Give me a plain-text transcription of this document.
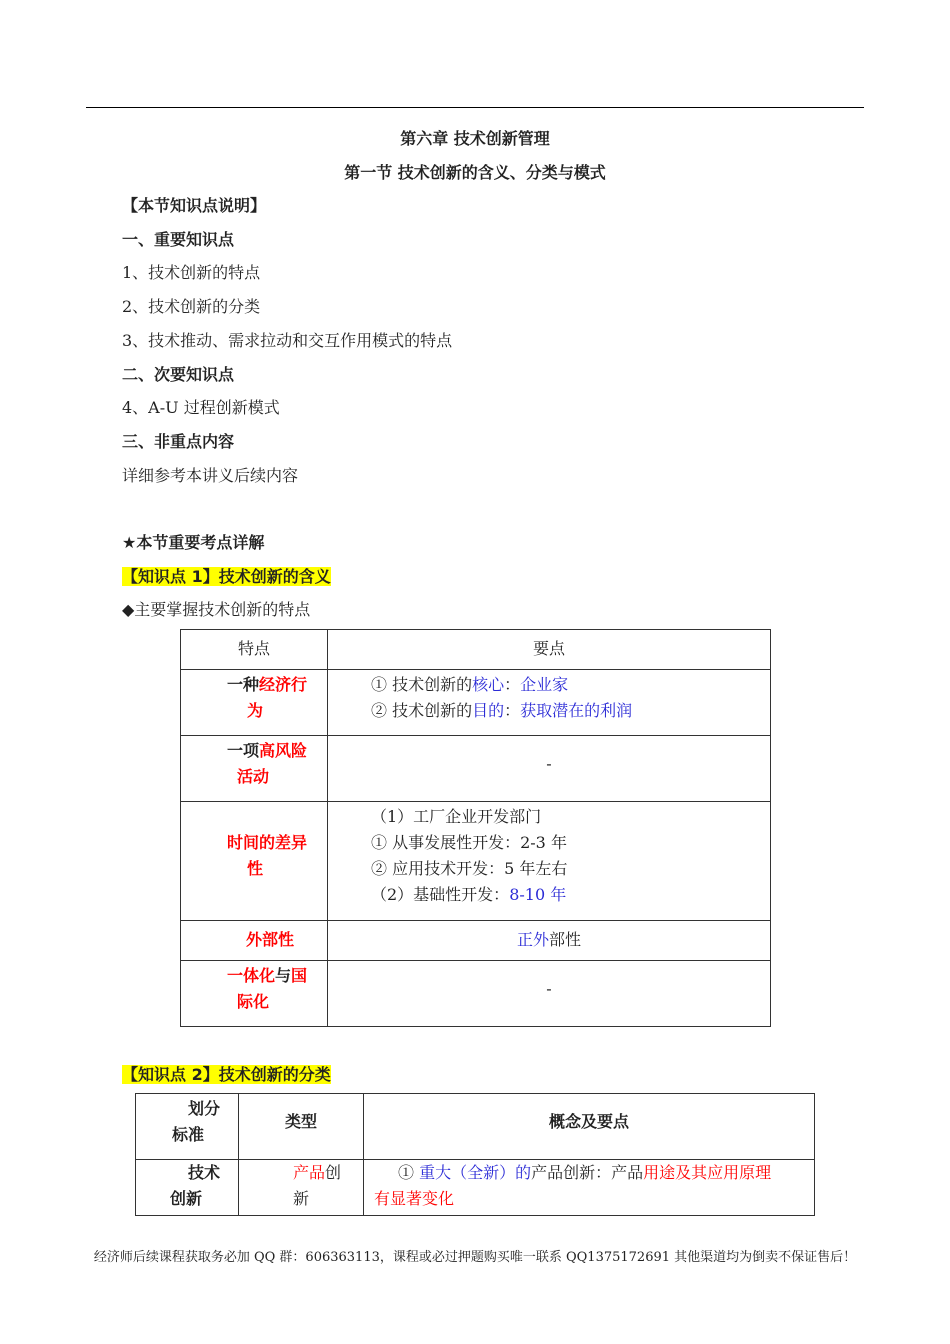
第六章 技术创新管理
第一节 技术创新的含义、分类与模式
【本节知识点说明】
一、重要知识点
1、技术创新的特点
2、技术创新的分类
3、技术推动、需求拉动和交互作用模式的特点
二、次要知识点
4、A-U 过程创新模式
三、非重点内容
详细参考本讲义后续内容
★本节重要考点详解
【知识点 1】技术创新的含义
◆主要掌握技术创新的特点
特点	要点

一种经济行
为	① 技术创新的核心：企业家
② 技术创新的目的：获取潜在的利润

一项高风险
活动	-

时间的差异
性	（1）工厂企业开发部门
① 从事发展性开发：2-3 年
② 应用技术开发：5 年左右
（2）基础性开发：8-10 年

外部性	正外部性

一体化与国
际化	-
【知识点 2】技术创新的分类
划分
标准	类型	概念及要点

技术
创新	产品创
新	① 重大（全新）的产品创新：产品用途及其应用原理
有显著变化
经济师后续课程获取务必加 QQ 群：606363113，课程或必过押题购买唯一联系 QQ1375172691 其他渠道均为倒卖不保证售后！
